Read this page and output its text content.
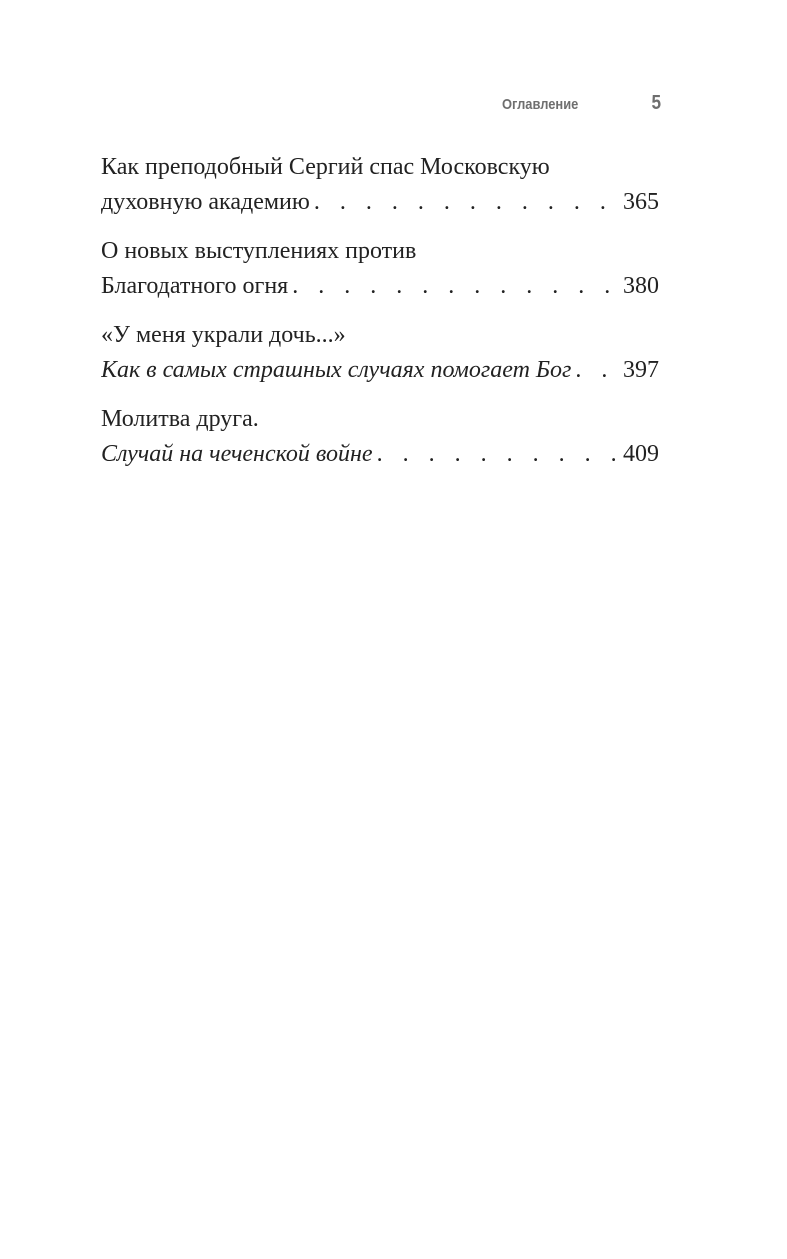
Оглавление	5
Как преподобный Сергий спас Московскую
духовную академию . . .	365
О новых выступлениях против
Благодатного огня . . .	380
«У меня украли дочь...»
Как в самых страшных случаях помогает Бог . . . 397
Молитва друга.
Случай на чеченской войне . . .	409
